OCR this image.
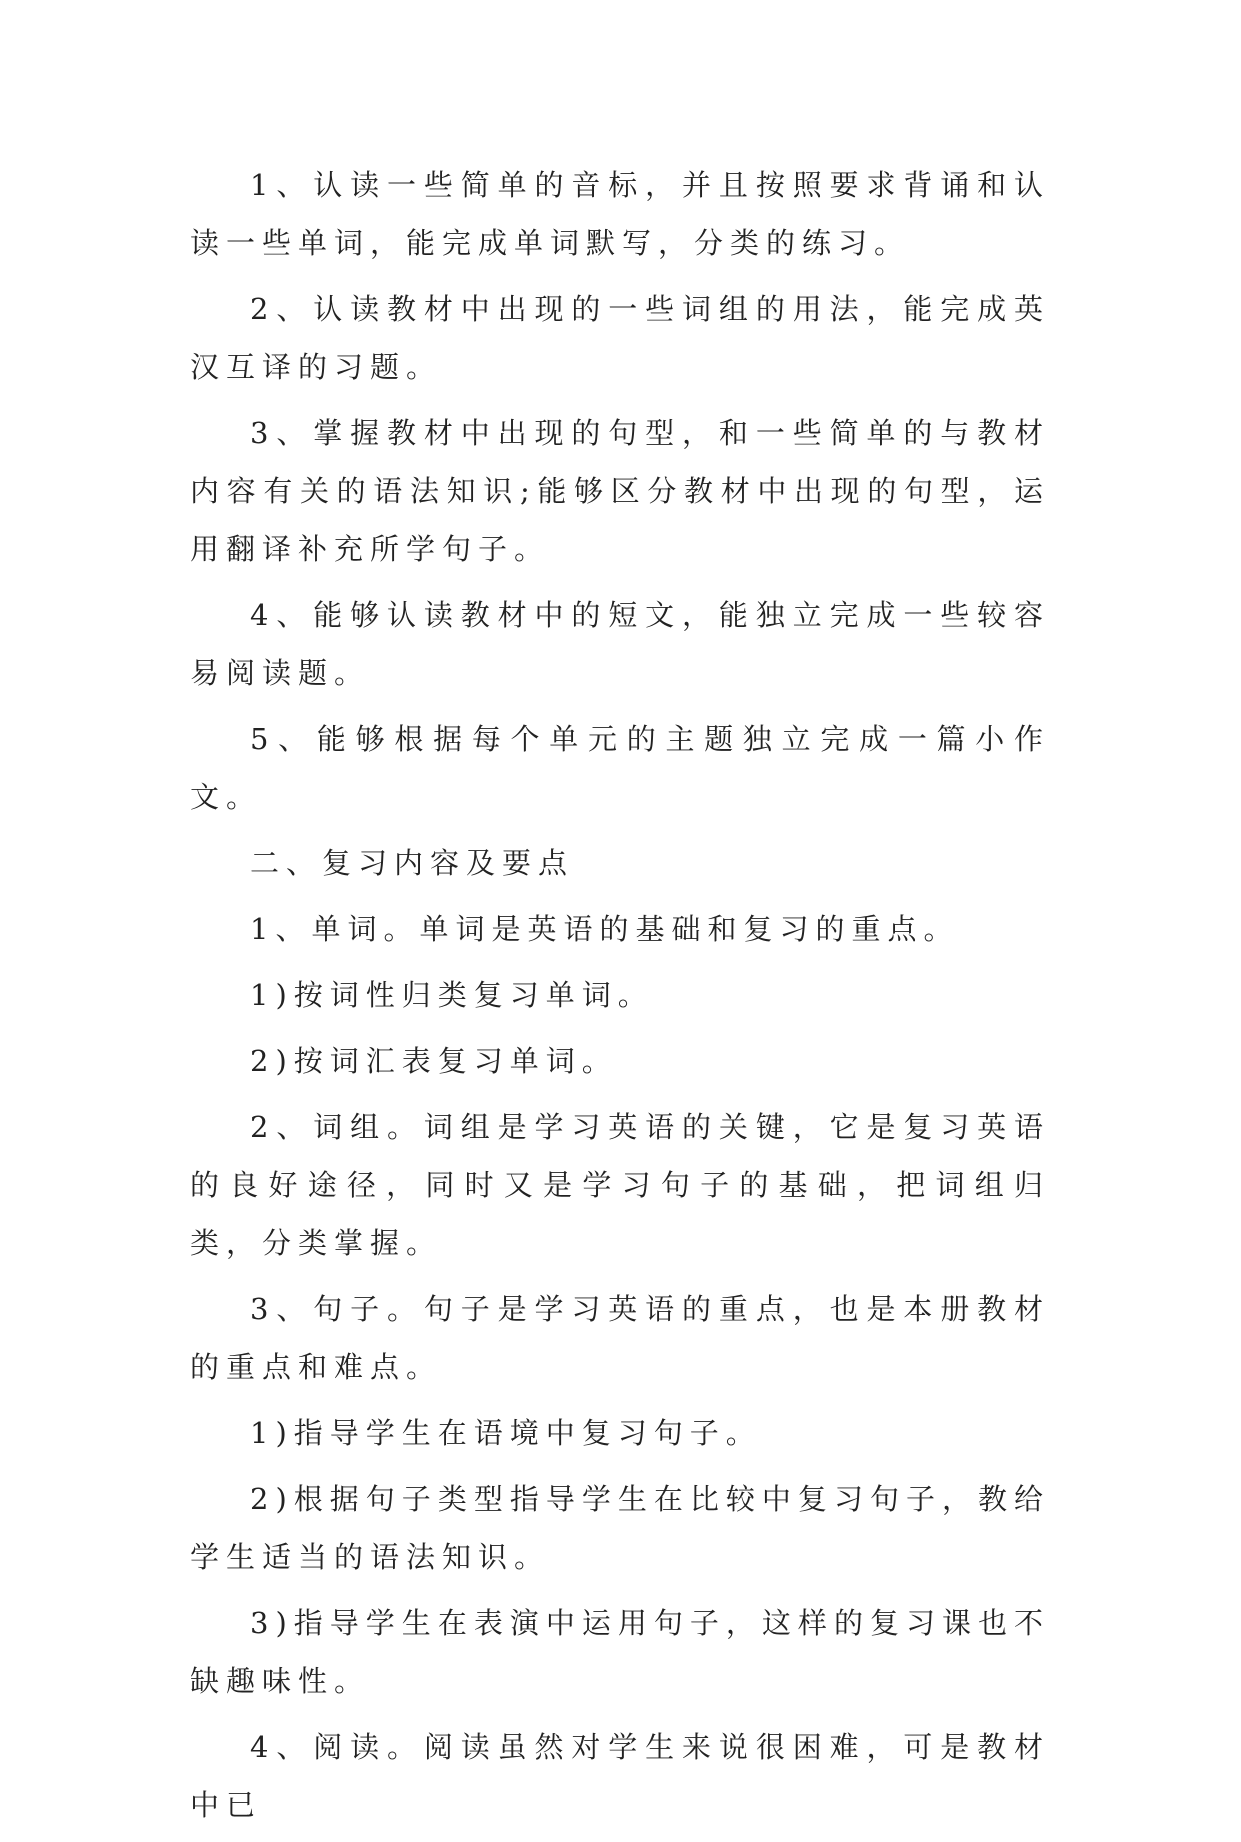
1、认读一些简单的音标，并且按照要求背诵和认读一些单词，能完成单词默写，分类的练习。

2、认读教材中出现的一些词组的用法，能完成英汉互译的习题。

3、掌握教材中出现的句型，和一些简单的与教材内容有关的语法知识;能够区分教材中出现的句型，运用翻译补充所学句子。

4、能够认读教材中的短文，能独立完成一些较容易阅读题。

5、能够根据每个单元的主题独立完成一篇小作文。

二、复习内容及要点

1、单词。单词是英语的基础和复习的重点。

1)按词性归类复习单词。

2)按词汇表复习单词。

2、词组。词组是学习英语的关键，它是复习英语的良好途径，同时又是学习句子的基础，把词组归类，分类掌握。

3、句子。句子是学习英语的重点，也是本册教材的重点和难点。

1)指导学生在语境中复习句子。

2)根据句子类型指导学生在比较中复习句子，教给学生适当的语法知识。

3)指导学生在表演中运用句子，这样的复习课也不缺趣味性。

4、阅读。阅读虽然对学生来说很困难，可是教材中已
